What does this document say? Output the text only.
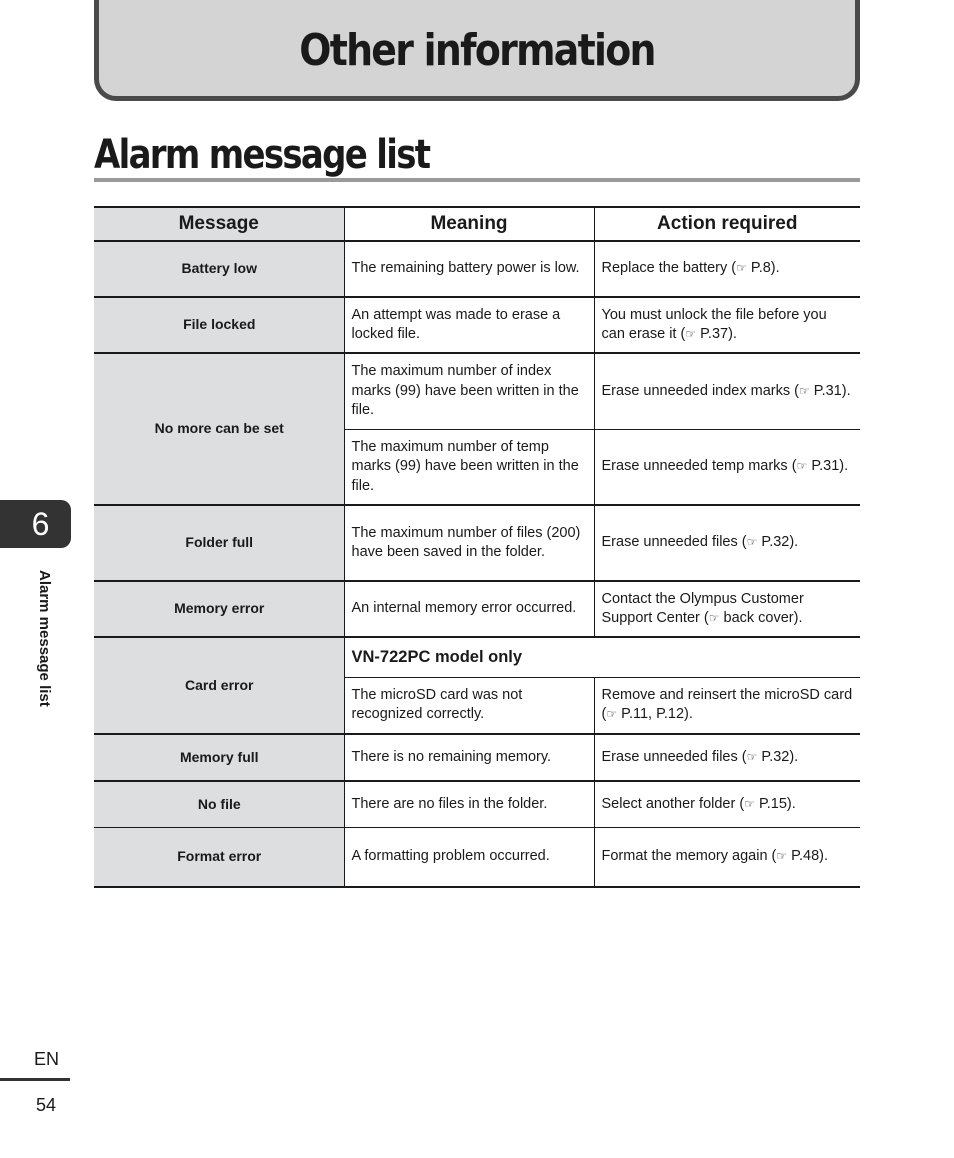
Other information
Alarm message list
6
Alarm message list
Message	Meaning	Action required
Battery low	The remaining battery power is low.	Replace the battery (☞ P.8).
File locked	An attempt was made to erase a locked file.	You must unlock the file before you can erase it (☞ P.37).
No more can be set	The maximum number of index marks (99) have been written in the file.	Erase unneeded index marks (☞ P.31).
	The maximum number of temp marks (99) have been written in the file.	Erase unneeded temp marks (☞ P.31).
Folder full	The maximum number of files (200) have been saved in the folder.	Erase unneeded files (☞ P.32).
Memory error	An internal memory error occurred.	Contact the Olympus Customer Support Center (☞ back cover).
Card error	VN-722PC model only	
	The microSD card was not recognized correctly.	Remove and reinsert the microSD card (☞ P.11, P.12).
Memory full	There is no remaining memory.	Erase unneeded files (☞ P.32).
No file	There are no files in the folder.	Select another folder (☞ P.15).
Format error	A formatting problem occurred.	Format the memory again (☞ P.48).
EN
54
